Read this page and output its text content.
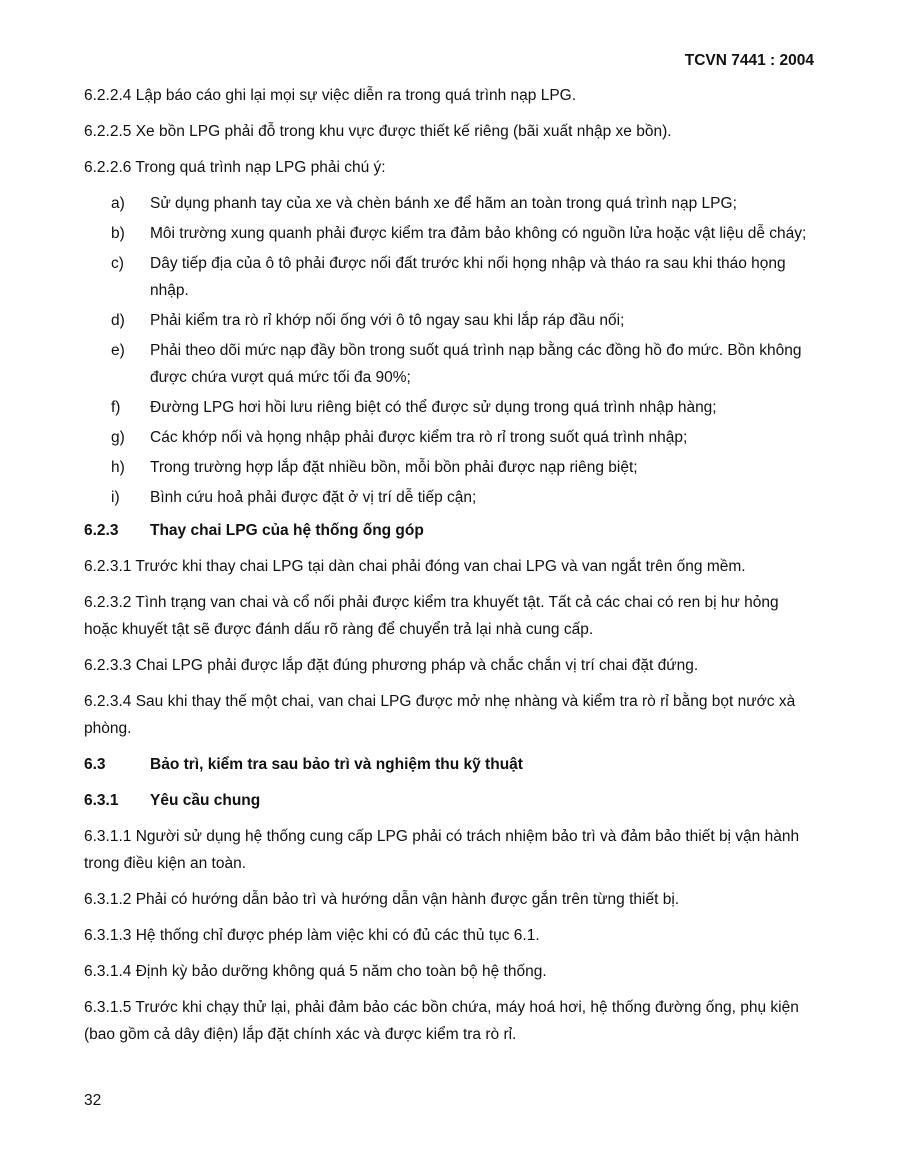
TCVN 7441 : 2004

6.2.2.4 Lập báo cáo ghi lại mọi sự việc diễn ra trong quá trình nạp LPG.

6.2.2.5 Xe bồn LPG phải đỗ trong khu vực được thiết kế riêng (bãi xuất nhập xe bồn).

6.2.2.6 Trong quá trình nạp LPG phải chú ý:

a)	Sử dụng phanh tay của xe và chèn bánh xe để hãm an toàn trong quá trình nạp LPG;
b)	Môi trường xung quanh phải được kiểm tra đảm bảo không có nguồn lửa hoặc vật liệu dễ cháy;
c)	Dây tiếp địa của ô tô phải được nối đất trước khi nối họng nhập và tháo ra sau khi tháo họng nhập.
d)	Phải kiểm tra rò rỉ khớp nối ống với ô tô ngay sau khi lắp ráp đầu nối;
e)	Phải theo dõi mức nạp đầy bồn trong suốt quá trình nạp bằng các đồng hồ đo mức. Bồn không được chứa vượt quá mức tối đa 90%;
f)	Đường LPG hơi hồi lưu riêng biệt có thể được sử dụng trong quá trình nhập hàng;
g)	Các khớp nối và họng nhập phải được kiểm tra rò rỉ trong suốt quá trình nhập;
h)	Trong trường hợp lắp đặt nhiều bồn, mỗi bồn phải được nạp riêng biệt;
i)	Bình cứu hoả phải được đặt ở vị trí dễ tiếp cận;
6.2.3	Thay chai LPG của hệ thống ống góp

6.2.3.1 Trước khi thay chai LPG tại dàn chai phải đóng van chai LPG và van ngắt trên ống mềm.

6.2.3.2 Tình trạng van chai và cổ nối phải được kiểm tra khuyết tật. Tất cả các chai có ren bị hư hỏng hoặc khuyết tật sẽ được đánh dấu rõ ràng để chuyển trả lại nhà cung cấp.

6.2.3.3 Chai LPG phải được lắp đặt đúng phương pháp và chắc chắn vị trí chai đặt đứng.

6.2.3.4 Sau khi thay thế một chai, van chai LPG được mở nhẹ nhàng và kiểm tra rò rỉ bằng bọt nước xà phòng.

6.3	Bảo trì, kiểm tra sau bảo trì và nghiệm thu kỹ thuật
6.3.1	Yêu cầu chung

6.3.1.1 Người sử dụng hệ thống cung cấp LPG phải có trách nhiệm bảo trì và đảm bảo thiết bị vận hành trong điều kiện an toàn.

6.3.1.2 Phải có hướng dẫn bảo trì và hướng dẫn vận hành được gắn trên từng thiết bị.

6.3.1.3 Hệ thống chỉ được phép làm việc khi có đủ các thủ tục 6.1.

6.3.1.4 Định kỳ bảo dưỡng không quá 5 năm cho toàn bộ hệ thống.

6.3.1.5 Trước khi chạy thử lại, phải đảm bảo các bồn chứa, máy hoá hơi, hệ thống đường ống, phụ kiện (bao gồm cả dây điện) lắp đặt chính xác và được kiểm tra rò rỉ.

32
